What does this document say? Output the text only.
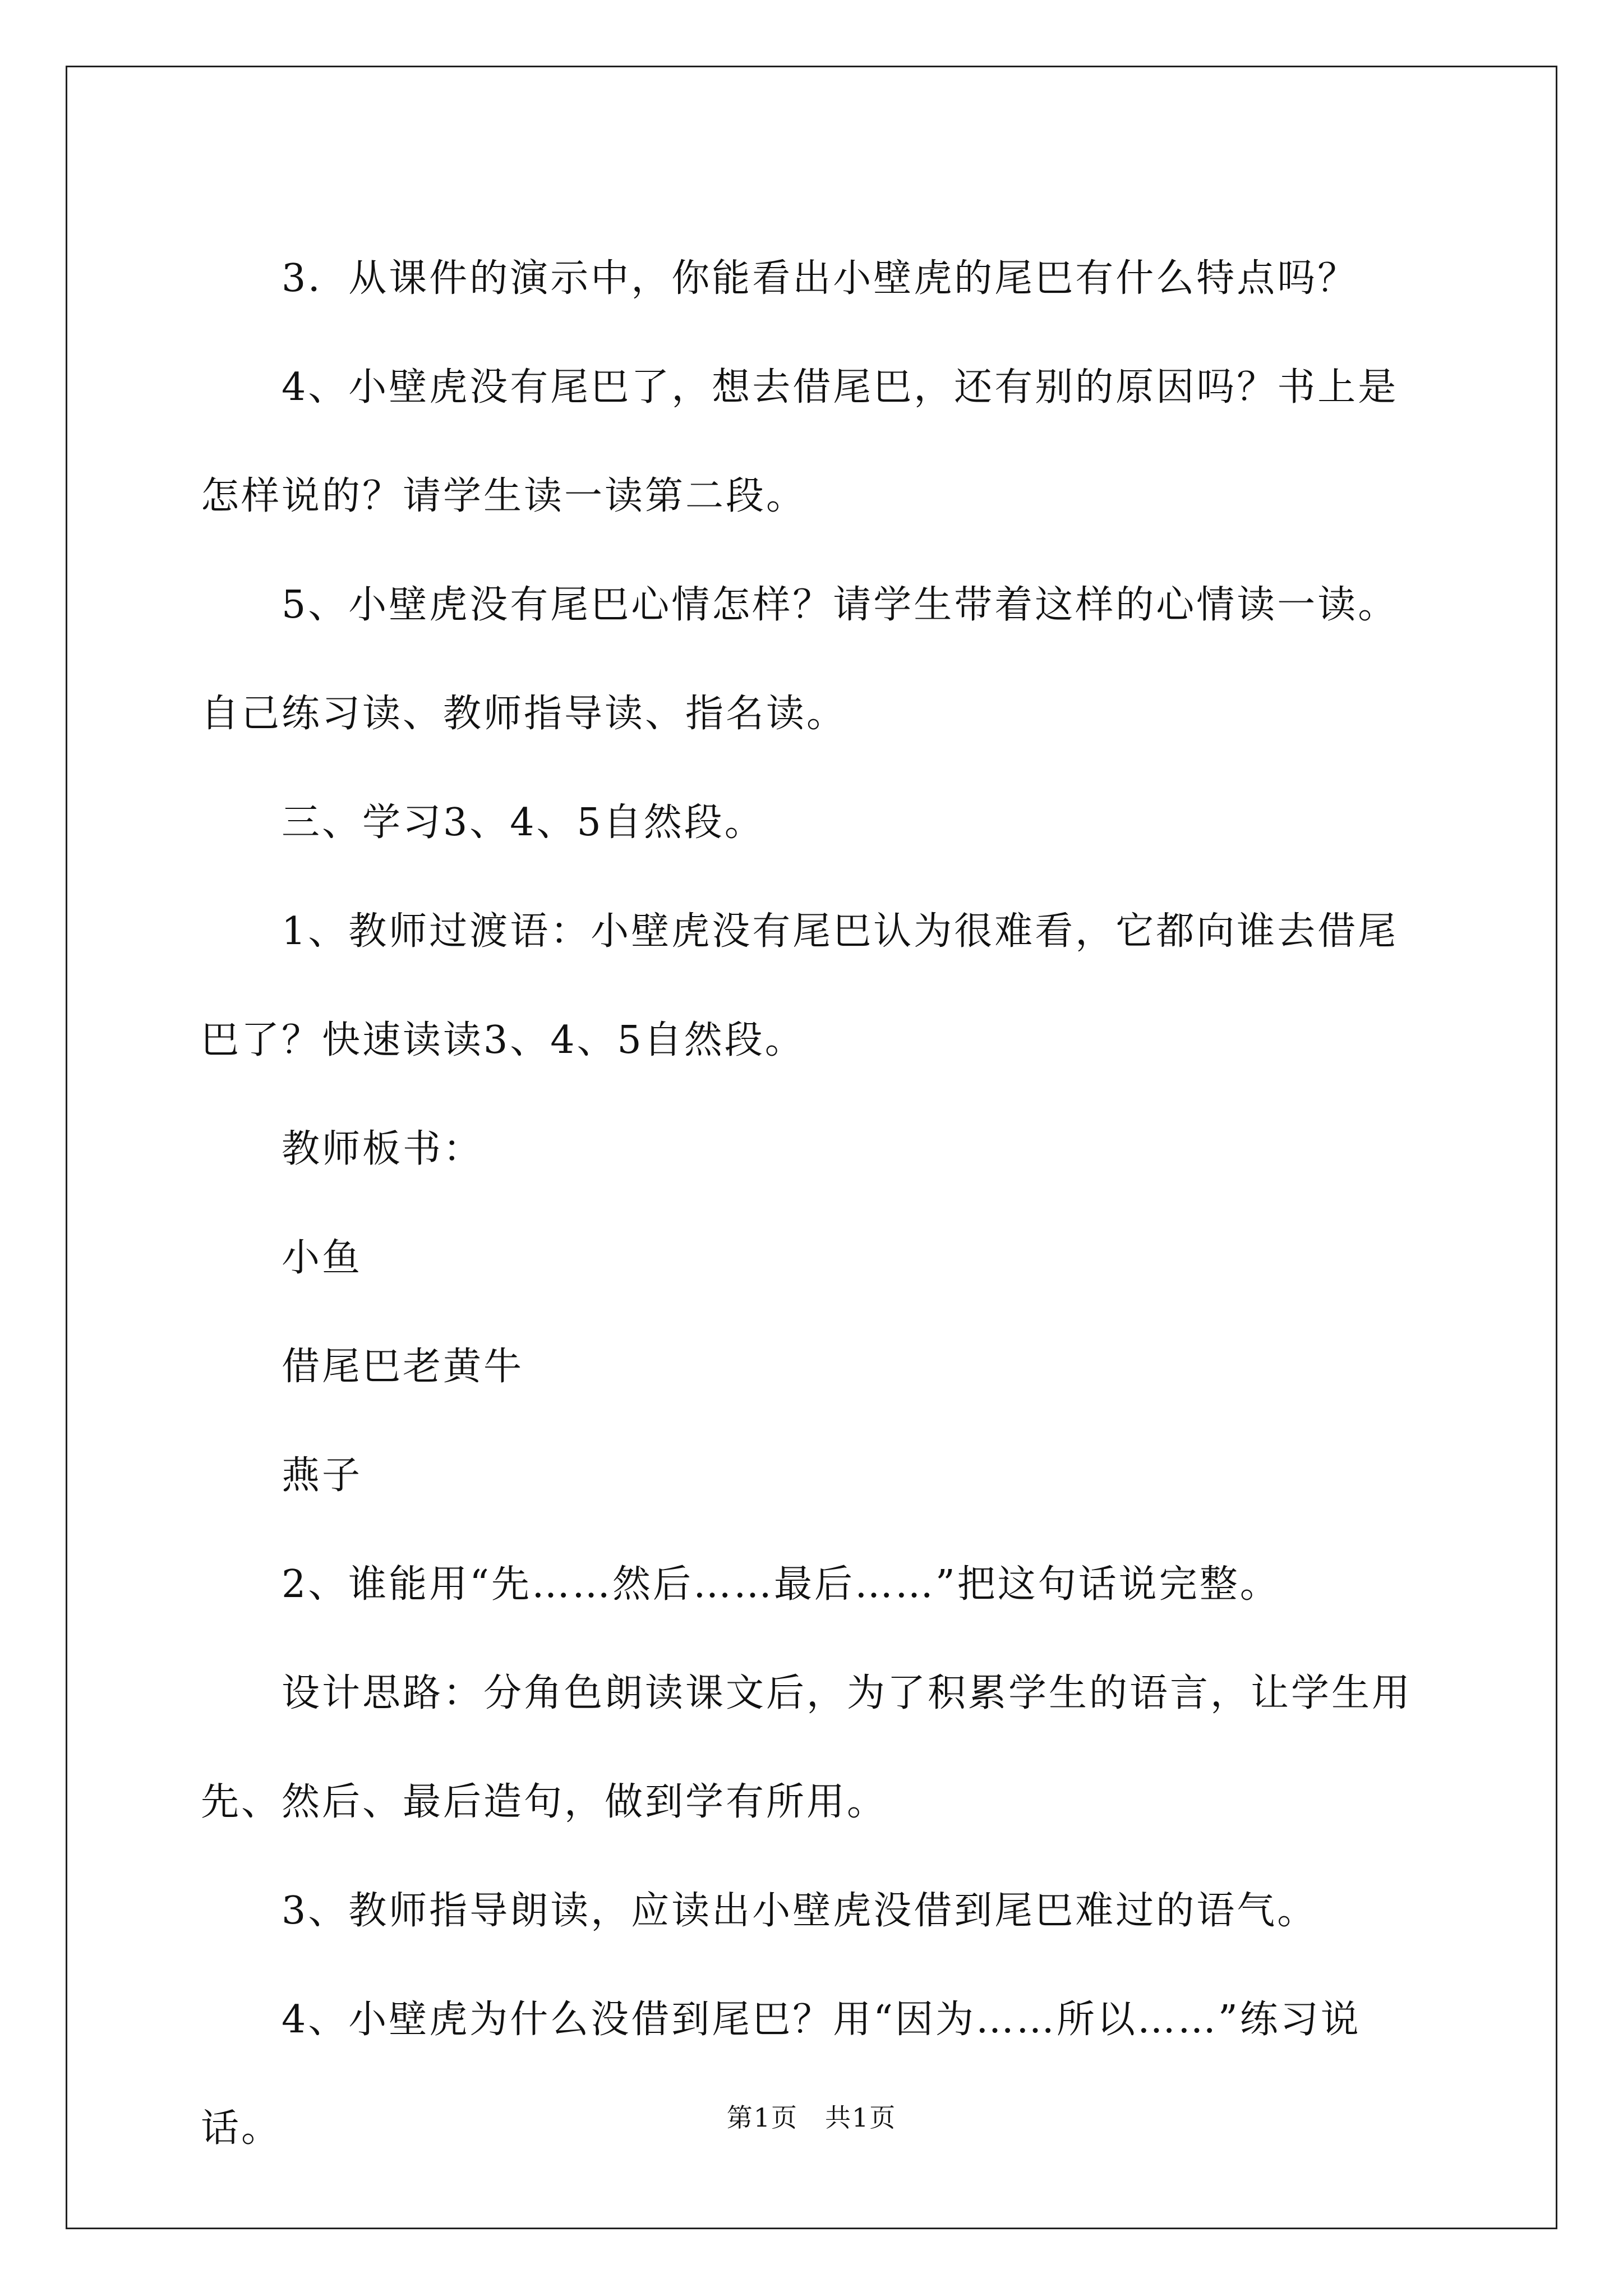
3．从课件的演示中，你能看出小壁虎的尾巴有什么特点吗？

4、小壁虎没有尾巴了，想去借尾巴，还有别的原因吗？书上是怎样说的？请学生读一读第二段。

5、小壁虎没有尾巴心情怎样？请学生带着这样的心情读一读。自己练习读、教师指导读、指名读。

三、学习3、4、5自然段。

1、教师过渡语：小壁虎没有尾巴认为很难看，它都向谁去借尾巴了？快速读读3、4、5自然段。

教师板书：

小鱼

借尾巴老黄牛

燕子

2、谁能用“先……然后……最后……”把这句话说完整。

设计思路：分角色朗读课文后，为了积累学生的语言，让学生用先、然后、最后造句，做到学有所用。

3、教师指导朗读，应读出小壁虎没借到尾巴难过的语气。

4、小壁虎为什么没借到尾巴？用“因为……所以……”练习说话。	第1页　共1页
